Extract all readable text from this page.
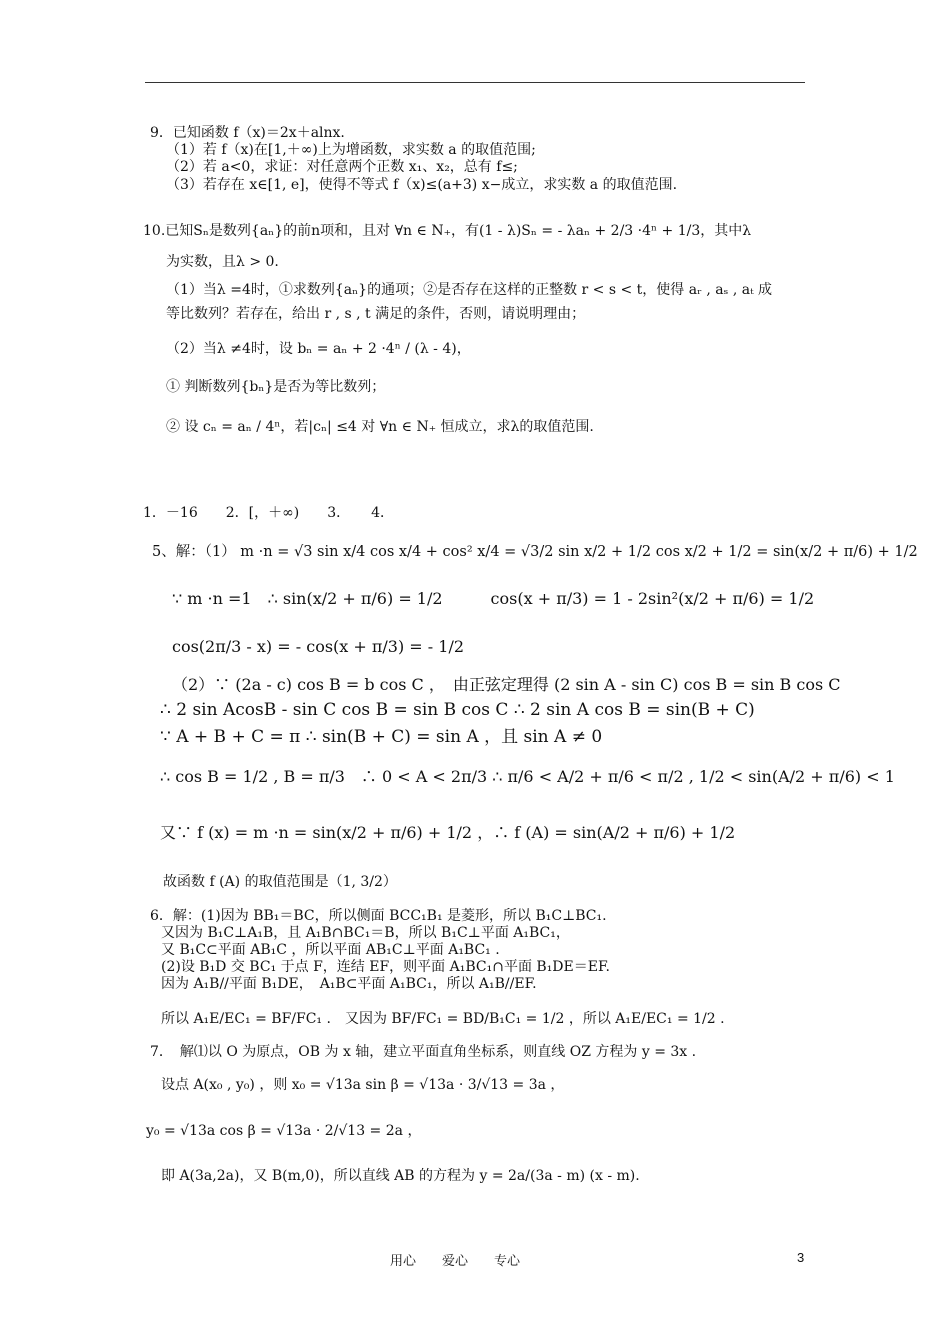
9．已知函数 f（x)＝2x＋alnx.
（1）若 f（x)在[1,＋∞)上为增函数，求实数 a 的取值范围;
（2）若 a<0，求证：对任意两个正数 x₁、x₂，总有 f≤;
（3）若存在 x∈[1, e]，使得不等式 f（x)≤(a+3) x−成立，求实数 a 的取值范围.
10.已知Sₙ是数列{aₙ}的前n项和，且对 ∀n ∈ N₊，有(1 - λ)Sₙ = - λaₙ + 2/3 ·4ⁿ + 1/3，其中λ
为实数，且λ > 0.
（1）当λ =4时，①求数列{aₙ}的通项；②是否存在这样的正整数 r < s < t，使得 aᵣ , aₛ , aₜ 成
等比数列？若存在，给出 r , s , t 满足的条件，否则，请说明理由；
（2）当λ ≠4时，设 bₙ = aₙ + 2 ·4ⁿ / (λ - 4)，
① 判断数列{bₙ}是否为等比数列；
② 设 cₙ = aₙ / 4ⁿ，若|cₙ| ≤4 对 ∀n ∈ N₊ 恒成立，求λ的取值范围.
1．－16　　2．[，＋∞)　　3．　　4．
5、解：（1） m ·n = √3 sin x/4 cos x/4 + cos² x/4 = √3/2 sin x/2 + 1/2 cos x/2 + 1/2 = sin(x/2 + π/6) + 1/2
∵ m ·n =1　∴ sin(x/2 + π/6) = 1/2　　　cos(x + π/3) = 1 - 2sin²(x/2 + π/6) = 1/2
cos(2π/3 - x) = - cos(x + π/3) = - 1/2
（2）∵ (2a - c) cos B = b cos C ，　由正弦定理得 (2 sin A - sin C) cos B = sin B cos C
∴ 2 sin AcosB - sin C cos B = sin B cos C ∴ 2 sin A cos B = sin(B + C)
∵ A + B + C = π ∴ sin(B + C) = sin A ，且 sin A ≠ 0
∴ cos B = 1/2 , B = π/3　∴ 0 < A < 2π/3 ∴ π/6 < A/2 + π/6 < π/2 , 1/2 < sin(A/2 + π/6) < 1
又∵ f (x) = m ·n = sin(x/2 + π/6) + 1/2 ，∴ f (A) = sin(A/2 + π/6) + 1/2
故函数 f (A) 的取值范围是（1, 3/2）
6．解：(1)因为 BB₁＝BC，所以侧面 BCC₁B₁ 是菱形，所以 B₁C⊥BC₁.
又因为 B₁C⊥A₁B，且 A₁B∩BC₁＝B，所以 B₁C⊥平面 A₁BC₁，
又 B₁C⊂平面 AB₁C ，所以平面 AB₁C⊥平面 A₁BC₁ .
(2)设 B₁D 交 BC₁ 于点 F，连结 EF，则平面 A₁BC₁∩平面 B₁DE＝EF.
因为 A₁B//平面 B₁DE，　A₁B⊂平面 A₁BC₁，所以 A₁B//EF.
所以 A₁E/EC₁ = BF/FC₁ .　又因为 BF/FC₁ = BD/B₁C₁ = 1/2 ，所以 A₁E/EC₁ = 1/2 .
7．　解⑴以 O 为原点，OB 为 x 轴，建立平面直角坐标系，则直线 OZ 方程为 y = 3x .
设点 A(x₀ , y₀) ，则 x₀ = √13a sin β = √13a · 3/√13 = 3a ，
y₀ = √13a cos β = √13a · 2/√13 = 2a ，
即 A(3a,2a)，又 B(m,0)，所以直线 AB 的方程为 y = 2a/(3a - m) (x - m).
用心　　爱心　　专心	3
